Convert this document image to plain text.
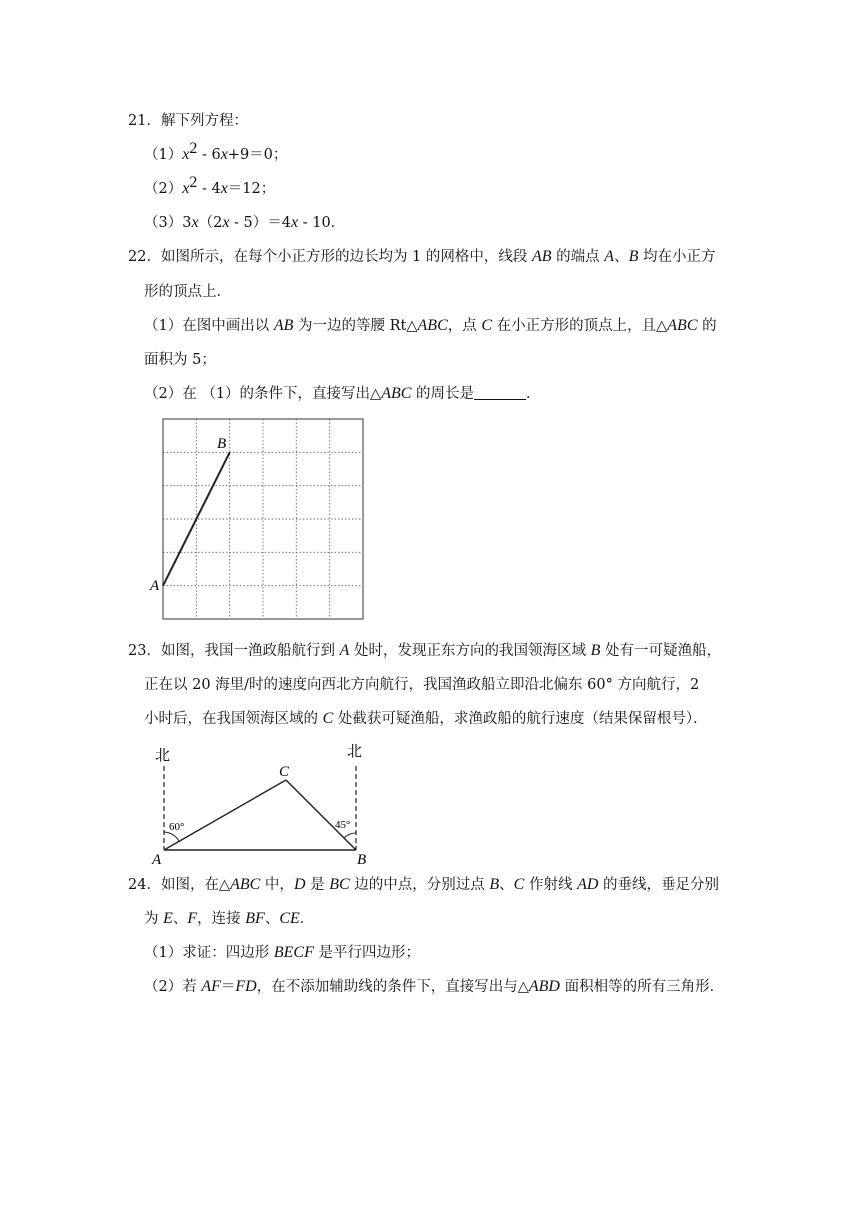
21．解下列方程：
$(1)x^2$ ‑ 6x+9＝0；
$(2)x^2$ ‑ 4x＝12；
（3）3x（2x ‑ 5）＝4x ‑ 10．
22．如图所示，在每个小正方形的边长均为 1 的网格中，线段 AB 的端点 A、B 均在小正方
形的顶点上．
（1）在图中画出以 AB 为一边的等腰 Rt△ABC，点 C 在小正方形的顶点上，且△ABC 的
面积为 5；
（2）在 （1）的条件下，直接写出△ABC 的周长是	．
A
B
23．如图，我国一渔政船航行到 A 处时，发现正东方向的我国领海区域 B 处有一可疑渔船，
正在以 20 海里/时的速度向西北方向航行，我国渔政船立即沿北偏东 60° 方向航行，2
小时后，在我国领海区域的 C 处截获可疑渔船，求渔政船的航行速度（结果保留根号）．
北	北
60°	45°
A	B
C
24．如图，在△ABC 中，D 是 BC 边的中点，分别过点 B、C 作射线 AD 的垂线，垂足分别
为 E、F，连接 BF、CE．
（1）求证：四边形 BECF 是平行四边形；
（2）若 AF＝FD，在不添加辅助线的条件下，直接写出与△ABD 面积相等的所有三角形．
